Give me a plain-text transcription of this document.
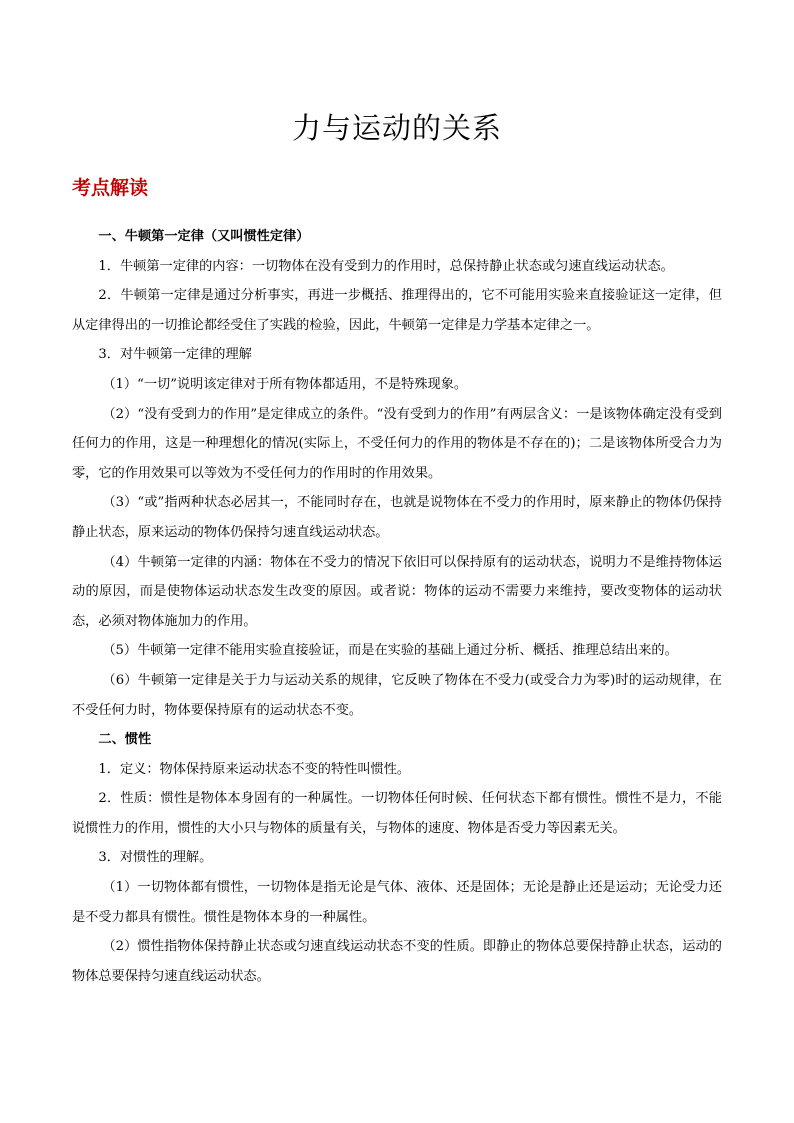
力与运动的关系
考点解读

一、牛顿第一定律（又叫惯性定律）

1．牛顿第一定律的内容：一切物体在没有受到力的作用时，总保持静止状态或匀速直线运动状态。

2．牛顿第一定律是通过分析事实，再进一步概括、推理得出的，它不可能用实验来直接验证这一定律，但从定律得出的一切推论都经受住了实践的检验，因此，牛顿第一定律是力学基本定律之一。

3．对牛顿第一定律的理解

（1）“一切”说明该定律对于所有物体都适用，不是特殊现象。

（2）“没有受到力的作用”是定律成立的条件。“没有受到力的作用”有两层含义：一是该物体确定没有受到任何力的作用，这是一种理想化的情况(实际上，不受任何力的作用的物体是不存在的)；二是该物体所受合力为零，它的作用效果可以等效为不受任何力的作用时的作用效果。

（3）“或”指两种状态必居其一，不能同时存在，也就是说物体在不受力的作用时，原来静止的物体仍保持静止状态，原来运动的物体仍保持匀速直线运动状态。

（4）牛顿第一定律的内涵：物体在不受力的情况下依旧可以保持原有的运动状态，说明力不是维持物体运动的原因，而是使物体运动状态发生改变的原因。或者说：物体的运动不需要力来维持，要改变物体的运动状态，必须对物体施加力的作用。

（5）牛顿第一定律不能用实验直接验证，而是在实验的基础上通过分析、概括、推理总结出来的。

（6）牛顿第一定律是关于力与运动关系的规律，它反映了物体在不受力(或受合力为零)时的运动规律，在不受任何力时，物体要保持原有的运动状态不变。

二、惯性

1．定义：物体保持原来运动状态不变的特性叫惯性。

2．性质：惯性是物体本身固有的一种属性。一切物体任何时候、任何状态下都有惯性。惯性不是力，不能说惯性力的作用，惯性的大小只与物体的质量有关，与物体的速度、物体是否受力等因素无关。

3．对惯性的理解。

（1）一切物体都有惯性，一切物体是指无论是气体、液体、还是固体；无论是静止还是运动；无论受力还是不受力都具有惯性。惯性是物体本身的一种属性。

（2）惯性指物体保持静止状态或匀速直线运动状态不变的性质。即静止的物体总要保持静止状态，运动的物体总要保持匀速直线运动状态。
